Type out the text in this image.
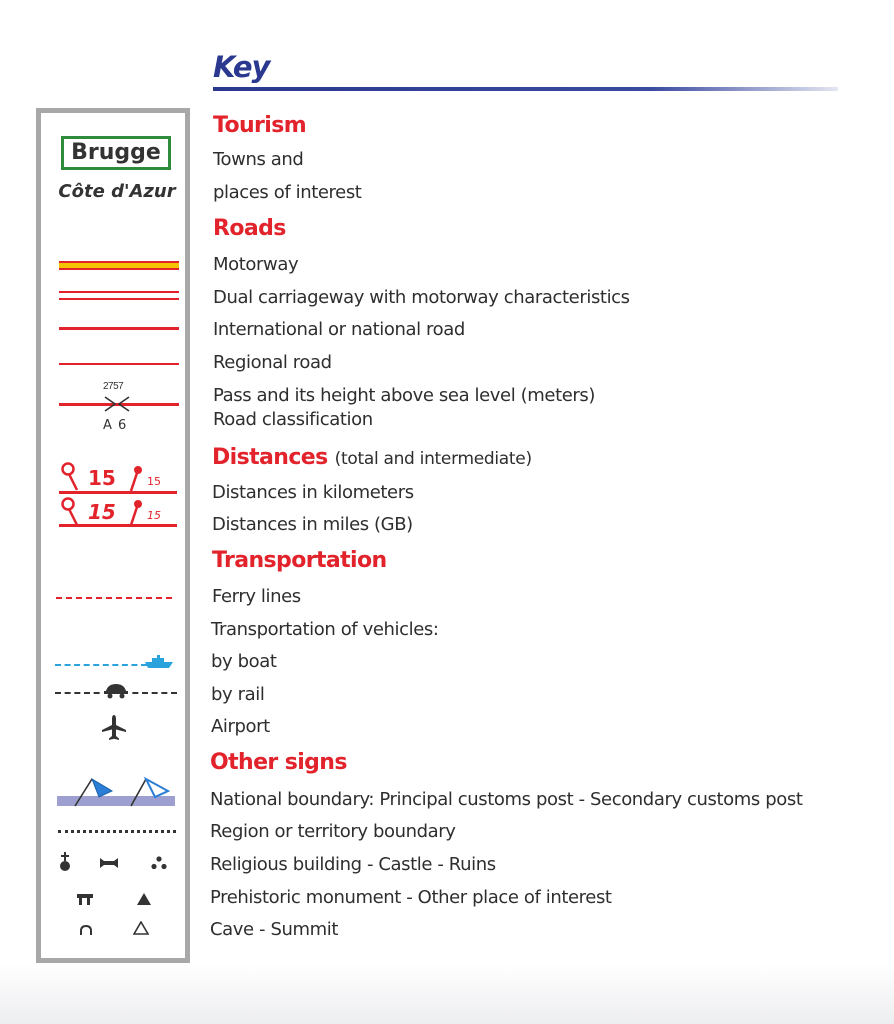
Key
Brugge
Côte d'Azur
2757
A 6
15	15
15	15
Tourism

Towns and

places of interest

Roads

Motorway

Dual carriageway with motorway characteristics

International or national road

Regional road

Pass and its height above sea level (meters)

Road classification

Distances (total and intermediate)

Distances in kilometers

Distances in miles (GB)

Transportation

Ferry lines

Transportation of vehicles:

by boat

by rail

Airport

Other signs

National boundary: Principal customs post - Secondary customs post

Region or territory boundary

Religious building - Castle - Ruins

Prehistoric monument - Other place of interest

Cave - Summit
